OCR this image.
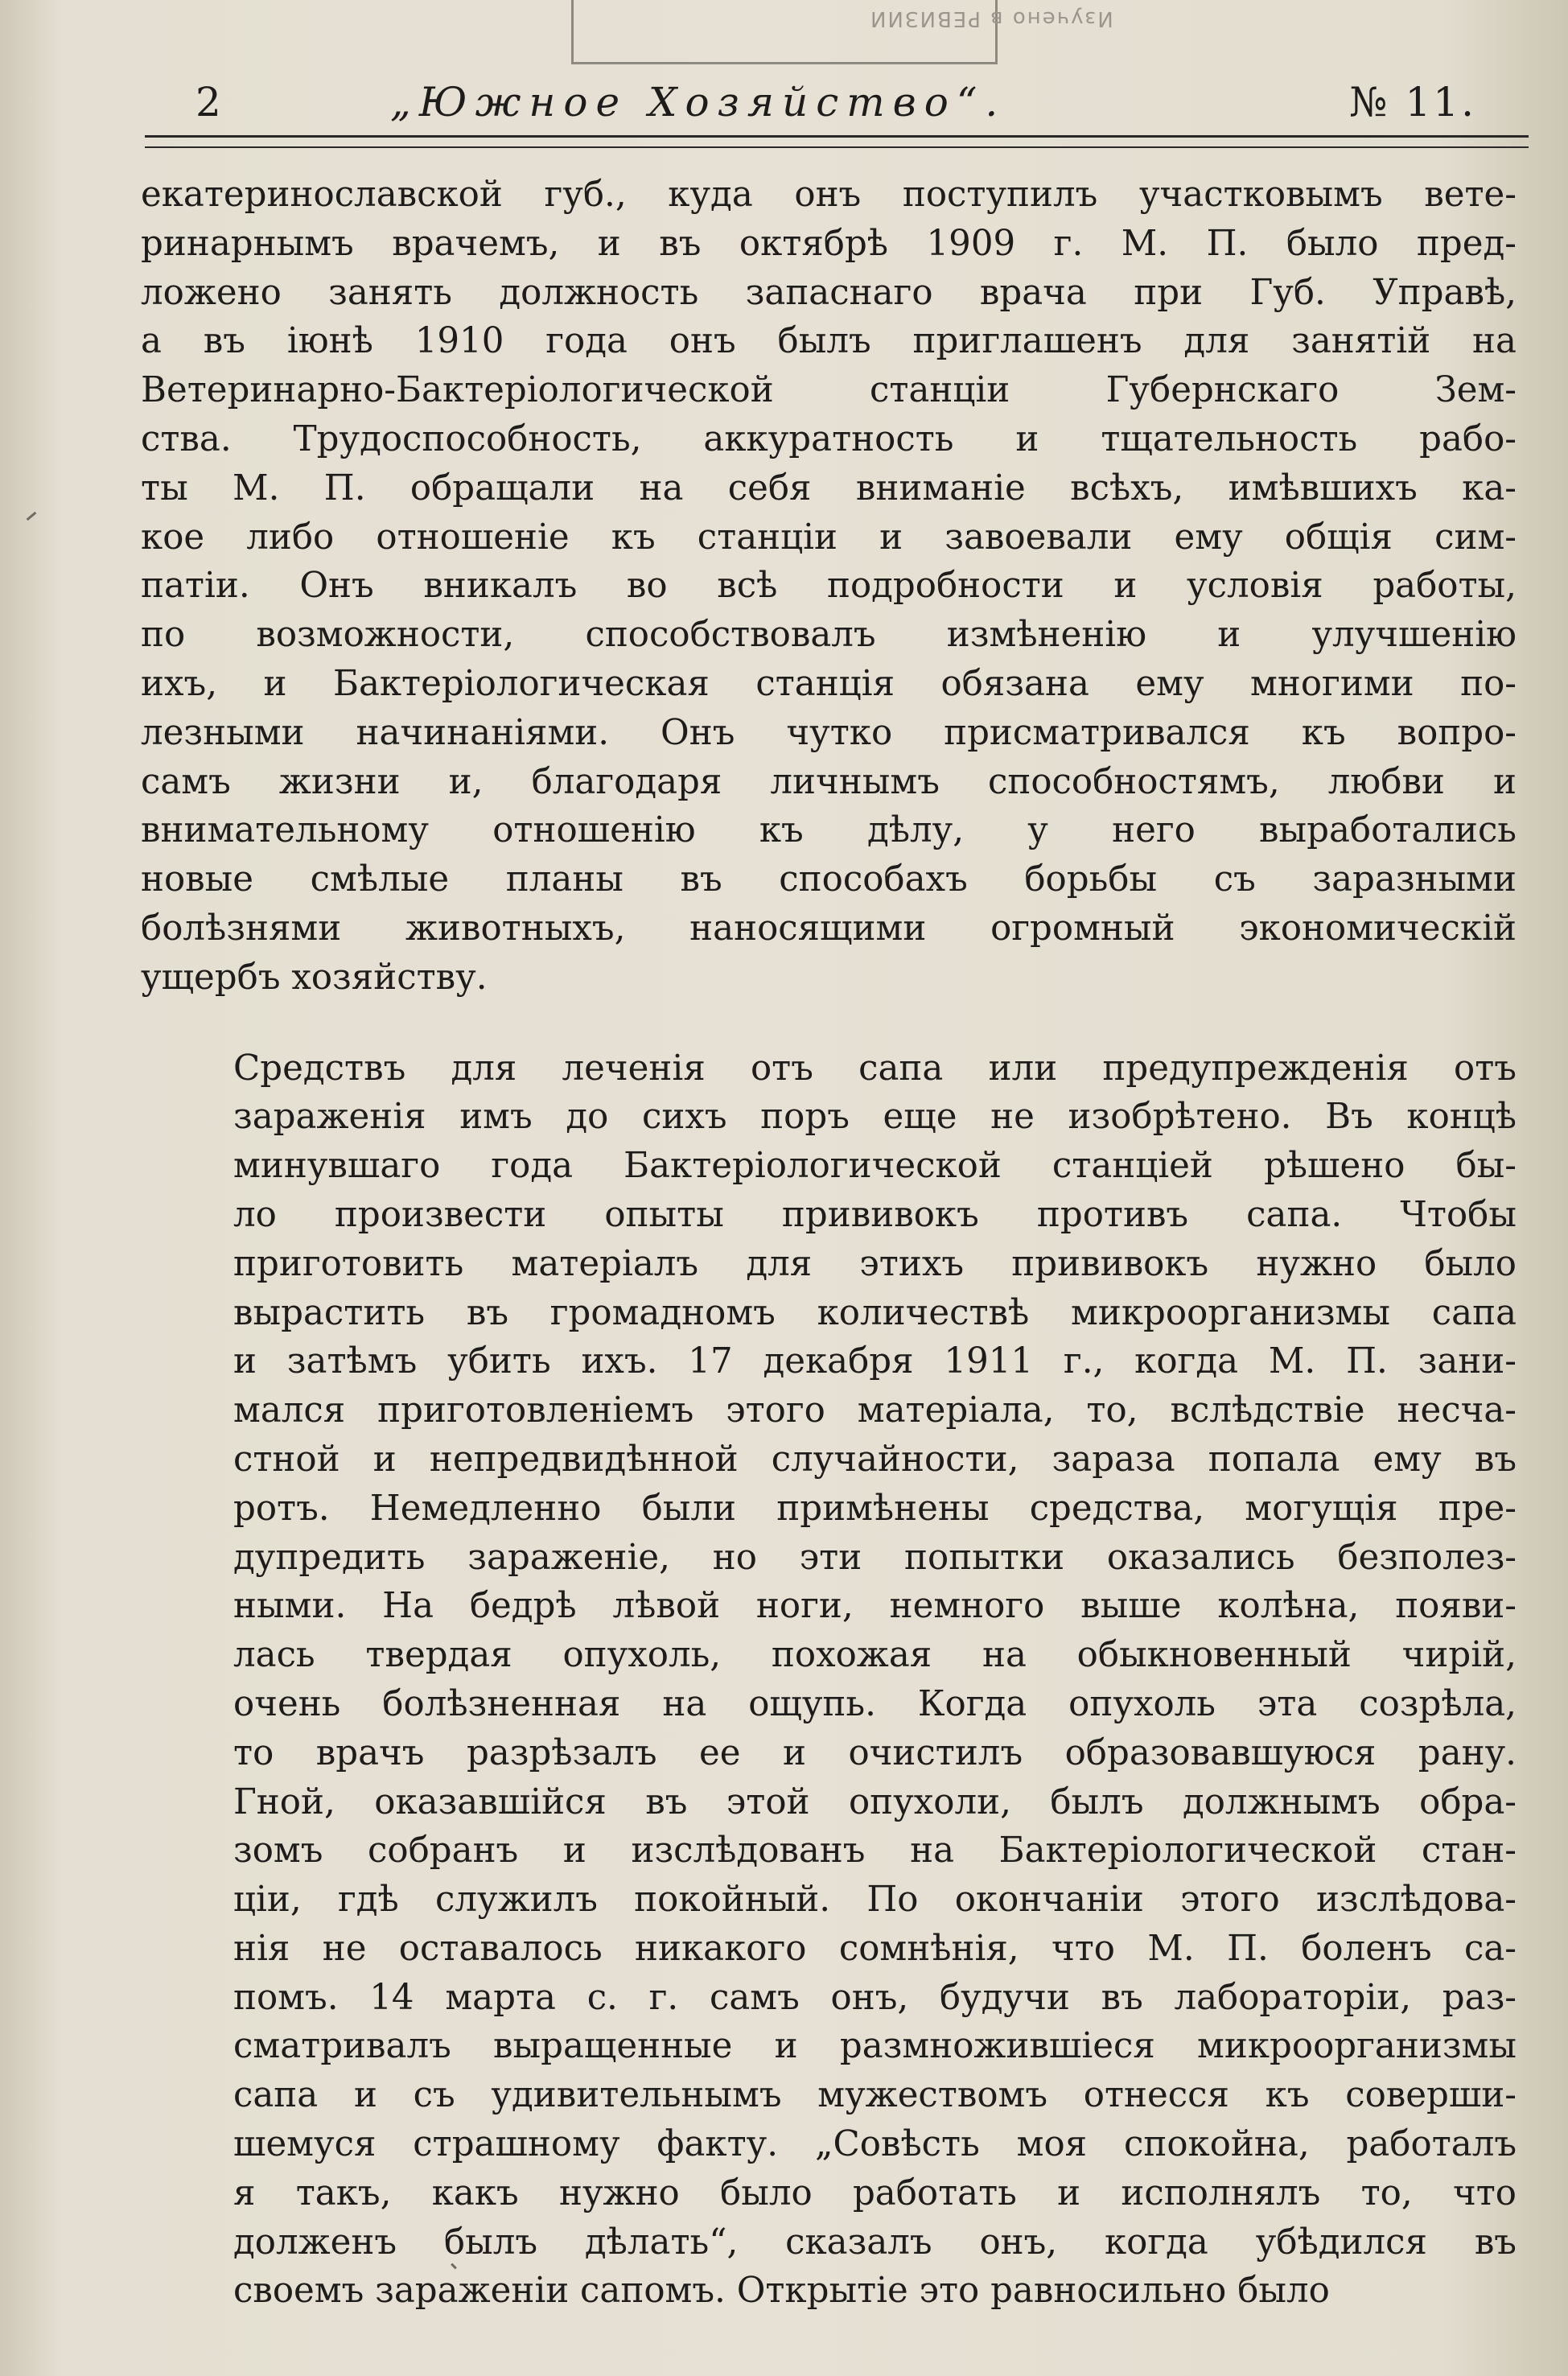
Изучено в РЕВИЗИИ
2	„Южное Хозяйство“.	№ 11.

екатеринославской губ., куда онъ поступилъ участковымъ вете-
ринарнымъ врачемъ, и въ октябрѣ 1909 г. М. П. было пред-
ложено занять должность запаснаго врача при Губ. Управѣ,
а въ iюнѣ 1910 года онъ былъ приглашенъ для занятiй на
Ветеринарно-Бактерiологической станцiи Губернскаго Зем-
ства. Трудоспособность, аккуратность и тщательность рабо-
ты М. П. обращали на себя вниманiе всѣхъ, имѣвшихъ ка-
кое либо отношенiе къ станцiи и завоевали ему общiя сим-
патiи. Онъ вникалъ во всѣ подробности и условiя работы,
по возможности, способствовалъ измѣненiю и улучшенiю
ихъ, и Бактерiологическая станцiя обязана ему многими по-
лезными начинанiями. Онъ чутко присматривался къ вопро-
самъ жизни и, благодаря личнымъ способностямъ, любви и
внимательному отношенiю къ дѣлу, у него выработались
новые смѣлые планы въ способахъ борьбы съ заразными
болѣзнями животныхъ, наносящими огромный экономическiй
ущербъ хозяйству.

Средствъ для леченiя отъ сапа или предупрежденiя отъ
зараженiя имъ до сихъ поръ еще не изобрѣтено. Въ концѣ
минувшаго года Бактерiологической станцiей рѣшено бы-
ло произвести опыты прививокъ противъ сапа. Чтобы
приготовить матерiалъ для этихъ прививокъ нужно было
вырастить въ громадномъ количествѣ микроорганизмы сапа
и затѣмъ убить ихъ. 17 декабря 1911 г., когда М. П. зани-
мался приготовленiемъ этого матерiала, то, вслѣдствiе несча-
стной и непредвидѣнной случайности, зараза попала ему въ
ротъ. Немедленно были примѣнены средства, могущiя пре-
дупредить зараженiе, но эти попытки оказались безполез-
ными. На бедрѣ лѣвой ноги, немного выше колѣна, появи-
лась твердая опухоль, похожая на обыкновенный чирiй,
очень болѣзненная на ощупь. Когда опухоль эта созрѣла,
то врачъ разрѣзалъ ее и очистилъ образовавшуюся рану.
Гной, оказавшiйся въ этой опухоли, былъ должнымъ обра-
зомъ собранъ и изслѣдованъ на Бактерiологической стан-
цiи, гдѣ служилъ покойный. По окончанiи этого изслѣдова-
нiя не оставалось никакого сомнѣнiя, что М. П. боленъ са-
помъ. 14 марта с. г. самъ онъ, будучи въ лабораторiи, раз-
сматривалъ выращенные и размножившiеся микроорганизмы
сапа и съ удивительнымъ мужествомъ отнесся къ соверши-
шемуся страшному факту. „Совѣсть моя спокойна, работалъ
я такъ, какъ нужно было работать и исполнялъ то, что
долженъ былъ дѣлать“, сказалъ онъ, когда убѣдился въ
своемъ зараженiи сапомъ. Открытiе это равносильно было
